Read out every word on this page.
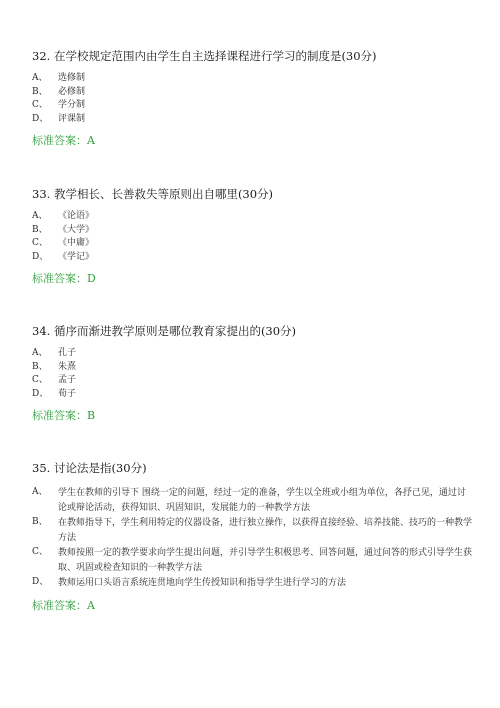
32. 在学校规定范围内由学生自主选择课程进行学习的制度是(30分)
A、	选修制
B、	必修制
C、	学分制
D、	评课制
标准答案：A
33. 教学相长、长善救失等原则出自哪里(30分)
A、	《论语》
B、	《大学》
C、	《中庸》
D、	《学记》
标准答案：D
34. 循序而渐进教学原则是哪位教育家提出的(30分)
A、	孔子
B、	朱熹
C、	孟子
D、	荀子
标准答案：B
35. 讨论法是指(30分)
A、	学生在教师的引导下 围绕一定的问题，经过一定的准备，学生以全班或小组为单位，各抒己见，通过讨论或辩论活动，获得知识、巩固知识，发展能力的一种教学方法
B、	在教师指导下，学生利用特定的仪器设备，进行独立操作，以获得直接经验、培养技能、技巧的一种教学方法
C、	教师按照一定的教学要求向学生提出问题，并引导学生积极思考、回答问题，通过问答的形式引导学生获取、巩固或检查知识的一种教学方法
D、	教师运用口头语言系统连贯地向学生传授知识和指导学生进行学习的方法
标准答案：A
